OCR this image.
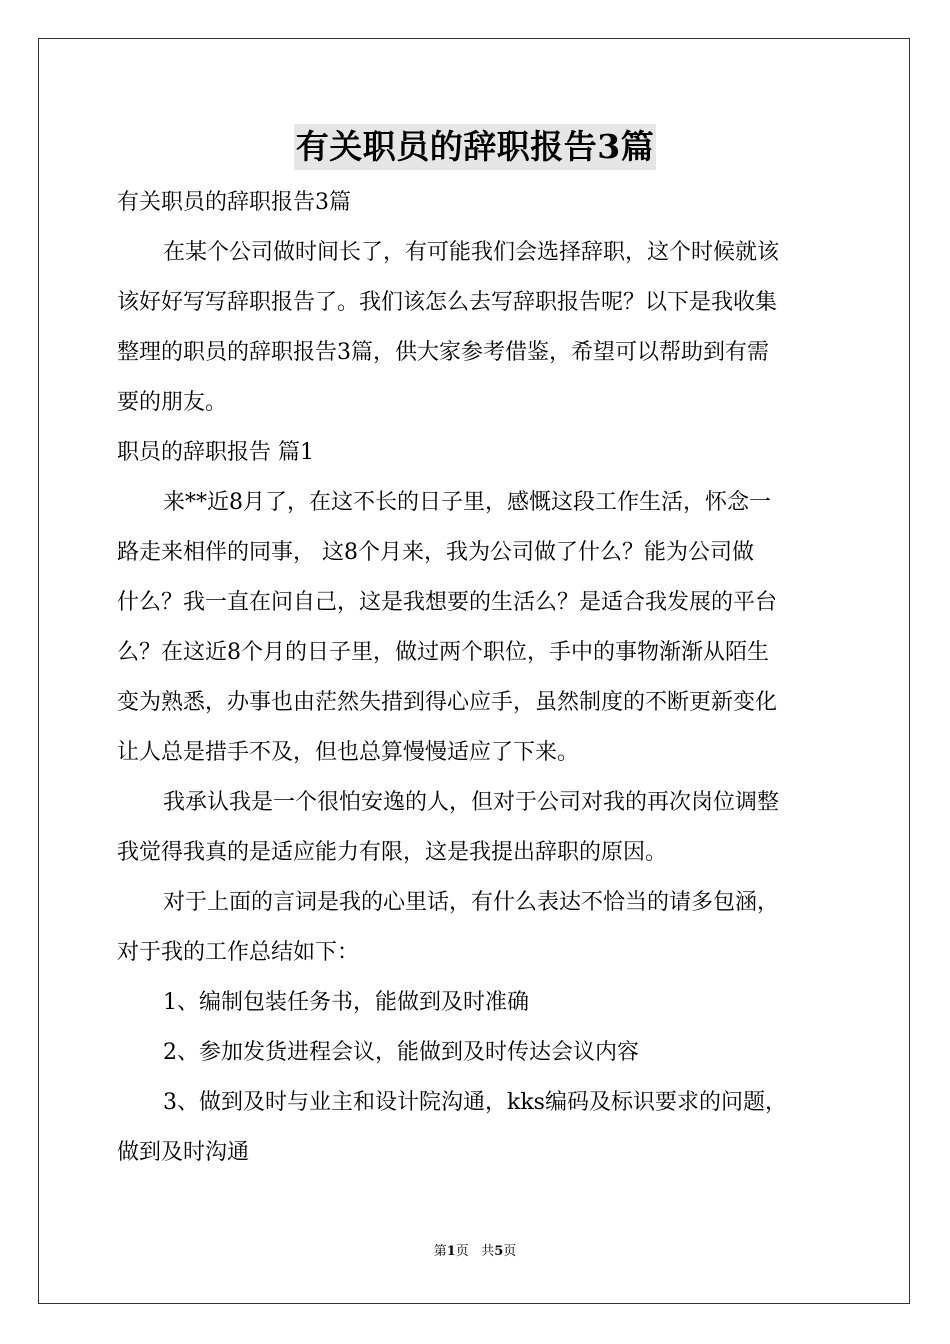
有关职员的辞职报告3篇
有关职员的辞职报告3篇
在某个公司做时间长了，有可能我们会选择辞职，这个时候就该
该好好写写辞职报告了。我们该怎么去写辞职报告呢？以下是我收集
整理的职员的辞职报告3篇，供大家参考借鉴，希望可以帮助到有需
要的朋友。
职员的辞职报告 篇1
来**近8月了，在这不长的日子里，感慨这段工作生活，怀念一
路走来相伴的同事， 这8个月来，我为公司做了什么？能为公司做
什么？我一直在问自己，这是我想要的生活么？是适合我发展的平台
么？在这近8个月的日子里，做过两个职位，手中的事物渐渐从陌生
变为熟悉，办事也由茫然失措到得心应手，虽然制度的不断更新变化
让人总是措手不及，但也总算慢慢适应了下来。
我承认我是一个很怕安逸的人，但对于公司对我的再次岗位调整
我觉得我真的是适应能力有限，这是我提出辞职的原因。
对于上面的言词是我的心里话，有什么表达不恰当的请多包涵，
对于我的工作总结如下：
1、编制包装任务书，能做到及时准确
2、参加发货进程会议，能做到及时传达会议内容
3、做到及时与业主和设计院沟通，kks编码及标识要求的问题，
做到及时沟通
第1页 共5页
